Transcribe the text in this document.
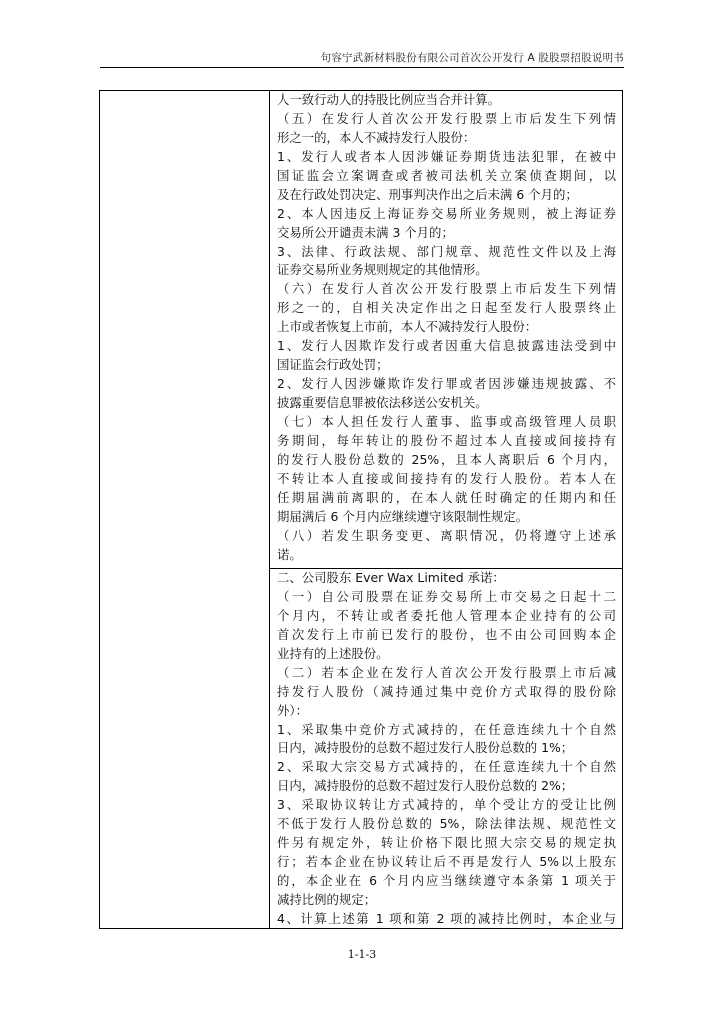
句容宁武新材料股份有限公司首次公开发行 A 股股票招股说明书
人一致行动人的持股比例应当合并计算。
（五）在发行人首次公开发行股票上市后发生下列情
形之一的，本人不减持发行人股份：
1、发行人或者本人因涉嫌证券期货违法犯罪，在被中
国证监会立案调查或者被司法机关立案侦查期间，以
及在行政处罚决定、刑事判决作出之后未满 6 个月的；
2、本人因违反上海证券交易所业务规则，被上海证券
交易所公开谴责未满 3 个月的；
3、法律、行政法规、部门规章、规范性文件以及上海
证券交易所业务规则规定的其他情形。
（六）在发行人首次公开发行股票上市后发生下列情
形之一的，自相关决定作出之日起至发行人股票终止
上市或者恢复上市前，本人不减持发行人股份：
1、发行人因欺诈发行或者因重大信息披露违法受到中
国证监会行政处罚；
2、发行人因涉嫌欺诈发行罪或者因涉嫌违规披露、不
披露重要信息罪被依法移送公安机关。
（七）本人担任发行人董事、监事或高级管理人员职
务期间，每年转让的股份不超过本人直接或间接持有
的发行人股份总数的 25%，且本人离职后 6 个月内，
不转让本人直接或间接持有的发行人股份。若本人在
任期届满前离职的，在本人就任时确定的任期内和任
期届满后 6 个月内应继续遵守该限制性规定。
（八）若发生职务变更、离职情况，仍将遵守上述承
诺。
二、公司股东 Ever Wax Limited 承诺：
（一）自公司股票在证券交易所上市交易之日起十二
个月内，不转让或者委托他人管理本企业持有的公司
首次发行上市前已发行的股份，也不由公司回购本企
业持有的上述股份。
（二）若本企业在发行人首次公开发行股票上市后减
持发行人股份（减持通过集中竞价方式取得的股份除
外）：
1、采取集中竞价方式减持的，在任意连续九十个自然
日内，减持股份的总数不超过发行人股份总数的 1%；
2、采取大宗交易方式减持的，在任意连续九十个自然
日内，减持股份的总数不超过发行人股份总数的 2%；
3、采取协议转让方式减持的，单个受让方的受让比例
不低于发行人股份总数的 5%，除法律法规、规范性文
件另有规定外，转让价格下限比照大宗交易的规定执
行；若本企业在协议转让后不再是发行人 5%以上股东
的，本企业在 6 个月内应当继续遵守本条第 1 项关于
减持比例的规定；
4、计算上述第 1 项和第 2 项的减持比例时，本企业与
1-1-3
